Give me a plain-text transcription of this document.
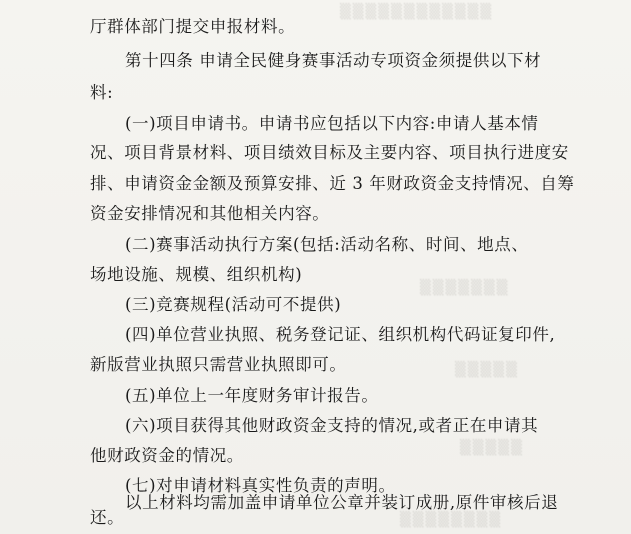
▒▒▒▒▒▒▒▒▒▒▒▒
▒▒▒▒▒▒▒
▒▒▒▒▒
▒▒▒▒▒
▒▒▒▒▒▒▒▒
厅群体部门提交申报材料。
第十四条 申请全民健身赛事活动专项资金须提供以下材
料:
(一)项目申请书。申请书应包括以下内容:申请人基本情
况、项目背景材料、项目绩效目标及主要内容、项目执行进度安
排、申请资金金额及预算安排、近 3 年财政资金支持情况、自筹
资金安排情况和其他相关内容。
(二)赛事活动执行方案(包括:活动名称、时间、地点、
场地设施、规模、组织机构)
(三)竞赛规程(活动可不提供)
(四)单位营业执照、税务登记证、组织机构代码证复印件,
新版营业执照只需营业执照即可。
(五)单位上一年度财务审计报告。
(六)项目获得其他财政资金支持的情况,或者正在申请其
他财政资金的情况。
(七)对申请材料真实性负责的声明。
以上材料均需加盖申请单位公章并装订成册,原件审核后退
还。
